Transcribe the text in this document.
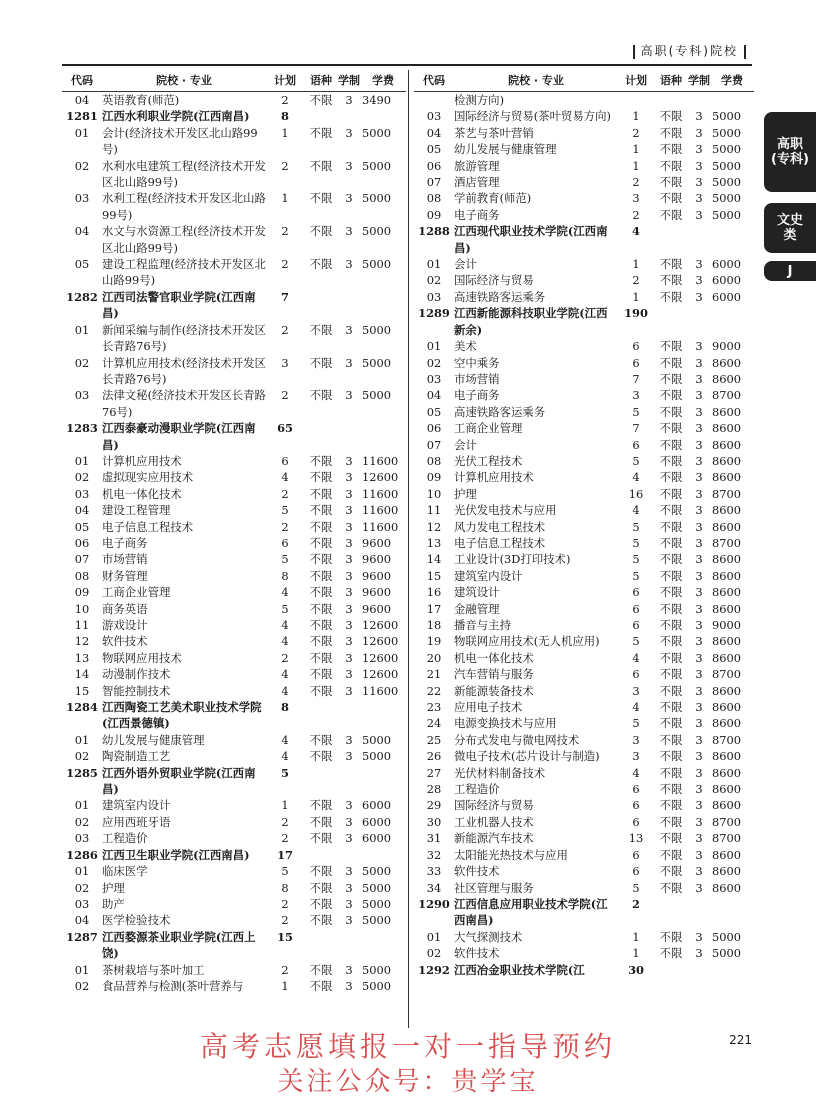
高职(专科)院校
代码	院校 · 专业	计划	语种	学制	学费
04	英语教育(师范)	2	不限	3	3490
1281	江西水利职业学院(江西南昌)	8			
01	会计(经济技术开发区北山路99号)	1	不限	3	5000
02	水利水电建筑工程(经济技术开发区北山路99号)	2	不限	3	5000
03	水利工程(经济技术开发区北山路99号)	1	不限	3	5000
04	水文与水资源工程(经济技术开发区北山路99号)	2	不限	3	5000
05	建设工程监理(经济技术开发区北山路99号)	2	不限	3	5000
1282	江西司法警官职业学院(江西南昌)	7			
01	新闻采编与制作(经济技术开发区长青路76号)	2	不限	3	5000
02	计算机应用技术(经济技术开发区长青路76号)	3	不限	3	5000
03	法律文秘(经济技术开发区长青路76号)	2	不限	3	5000
1283	江西泰豪动漫职业学院(江西南昌)	65			
01	计算机应用技术	6	不限	3	11600
02	虚拟现实应用技术	4	不限	3	12600
03	机电一体化技术	2	不限	3	11600
04	建设工程管理	5	不限	3	11600
05	电子信息工程技术	2	不限	3	11600
06	电子商务	6	不限	3	9600
07	市场营销	5	不限	3	9600
08	财务管理	8	不限	3	9600
09	工商企业管理	4	不限	3	9600
10	商务英语	5	不限	3	9600
11	游戏设计	4	不限	3	12600
12	软件技术	4	不限	3	12600
13	物联网应用技术	2	不限	3	12600
14	动漫制作技术	4	不限	3	12600
15	智能控制技术	4	不限	3	11600
1284	江西陶瓷工艺美术职业技术学院(江西景德镇)	8			
01	幼儿发展与健康管理	4	不限	3	5000
02	陶瓷制造工艺	4	不限	3	5000
1285	江西外语外贸职业学院(江西南昌)	5			
01	建筑室内设计	1	不限	3	6000
02	应用西班牙语	2	不限	3	6000
03	工程造价	2	不限	3	6000
1286	江西卫生职业学院(江西南昌)	17			
01	临床医学	5	不限	3	5000
02	护理	8	不限	3	5000
03	助产	2	不限	3	5000
04	医学检验技术	2	不限	3	5000
1287	江西婺源茶业职业学院(江西上饶)	15			
01	茶树栽培与茶叶加工	2	不限	3	5000
02	食品营养与检测(茶叶营养与	1	不限	3	5000
代码	院校 · 专业	计划	语种	学制	学费
	检测方向)				
03	国际经济与贸易(茶叶贸易方向)	1	不限	3	5000
04	茶艺与茶叶营销	2	不限	3	5000
05	幼儿发展与健康管理	1	不限	3	5000
06	旅游管理	1	不限	3	5000
07	酒店管理	2	不限	3	5000
08	学前教育(师范)	3	不限	3	5000
09	电子商务	2	不限	3	5000
1288	江西现代职业技术学院(江西南昌)	4			
01	会计	1	不限	3	6000
02	国际经济与贸易	2	不限	3	6000
03	高速铁路客运乘务	1	不限	3	6000
1289	江西新能源科技职业学院(江西新余)	190			
01	美术	6	不限	3	9000
02	空中乘务	6	不限	3	8600
03	市场营销	7	不限	3	8600
04	电子商务	3	不限	3	8700
05	高速铁路客运乘务	5	不限	3	8600
06	工商企业管理	7	不限	3	8600
07	会计	6	不限	3	8600
08	光伏工程技术	5	不限	3	8600
09	计算机应用技术	4	不限	3	8600
10	护理	16	不限	3	8700
11	光伏发电技术与应用	4	不限	3	8600
12	风力发电工程技术	5	不限	3	8600
13	电子信息工程技术	5	不限	3	8700
14	工业设计(3D打印技术)	5	不限	3	8600
15	建筑室内设计	5	不限	3	8600
16	建筑设计	6	不限	3	8600
17	金融管理	6	不限	3	8600
18	播音与主持	6	不限	3	9000
19	物联网应用技术(无人机应用)	5	不限	3	8600
20	机电一体化技术	4	不限	3	8600
21	汽车营销与服务	6	不限	3	8700
22	新能源装备技术	3	不限	3	8600
23	应用电子技术	4	不限	3	8600
24	电源变换技术与应用	5	不限	3	8600
25	分布式发电与微电网技术	3	不限	3	8700
26	微电子技术(芯片设计与制造)	3	不限	3	8600
27	光伏材料制备技术	4	不限	3	8600
28	工程造价	6	不限	3	8600
29	国际经济与贸易	6	不限	3	8600
30	工业机器人技术	6	不限	3	8700
31	新能源汽车技术	13	不限	3	8700
32	太阳能光热技术与应用	6	不限	3	8600
33	软件技术	6	不限	3	8600
34	社区管理与服务	5	不限	3	8600
1290	江西信息应用职业技术学院(江西南昌)	2			
01	大气探测技术	1	不限	3	5000
02	软件技术	1	不限	3	5000
1292	江西冶金职业技术学院(江	30			
高职(专科)
文史类
J
221
高考志愿填报一对一指导预约
关注公众号：贵学宝
